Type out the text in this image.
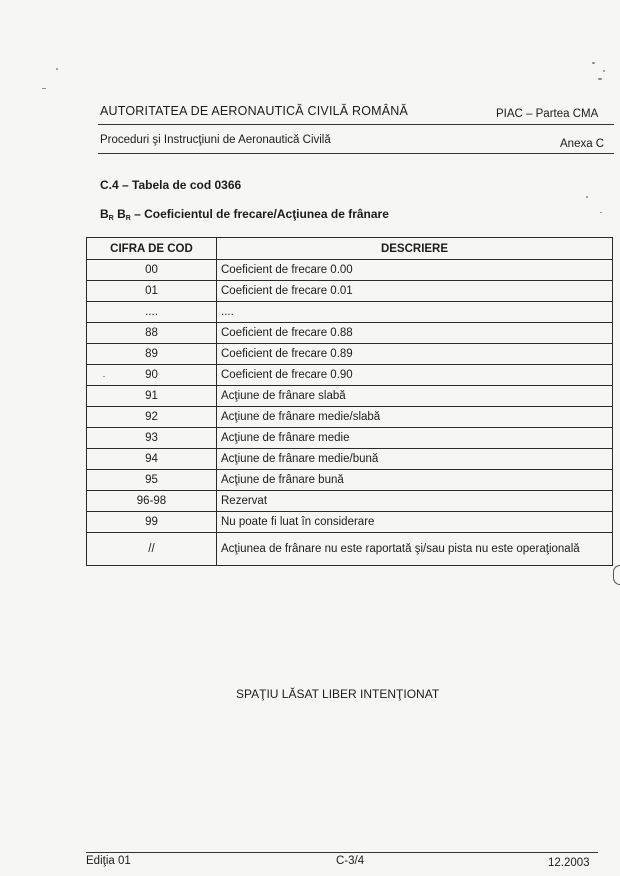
AUTORITATEA DE AERONAUTICĂ CIVILĂ ROMÂNĂ	PIAC – Partea CMA
Proceduri şi Instrucţiuni de Aeronautică Civilă	Anexa C
C.4 – Tabela de cod 0366
$B_R$ $B_R$ – Coeficientul de frecare/Acţiunea de frânare
CIFRA DE COD	DESCRIERE
00	Coeficient de frecare 0.00
01	Coeficient de frecare 0.01
....	....
88	Coeficient de frecare 0.88
89	Coeficient de frecare 0.89
90	Coeficient de frecare 0.90
91	Acţiune de frânare slabă
92	Acţiune de frânare medie/slabă
93	Acţiune de frânare medie
94	Acţiune de frânare medie/bună
95	Acţiune de frânare bună
96-98	Rezervat
99	Nu poate fi luat în considerare
//	Acţiunea de frânare nu este raportată şi/sau pista nu este operaţională
SPAŢIU LĂSAT LIBER INTENŢIONAT
Ediţia 01	C-3/4	12.2003
